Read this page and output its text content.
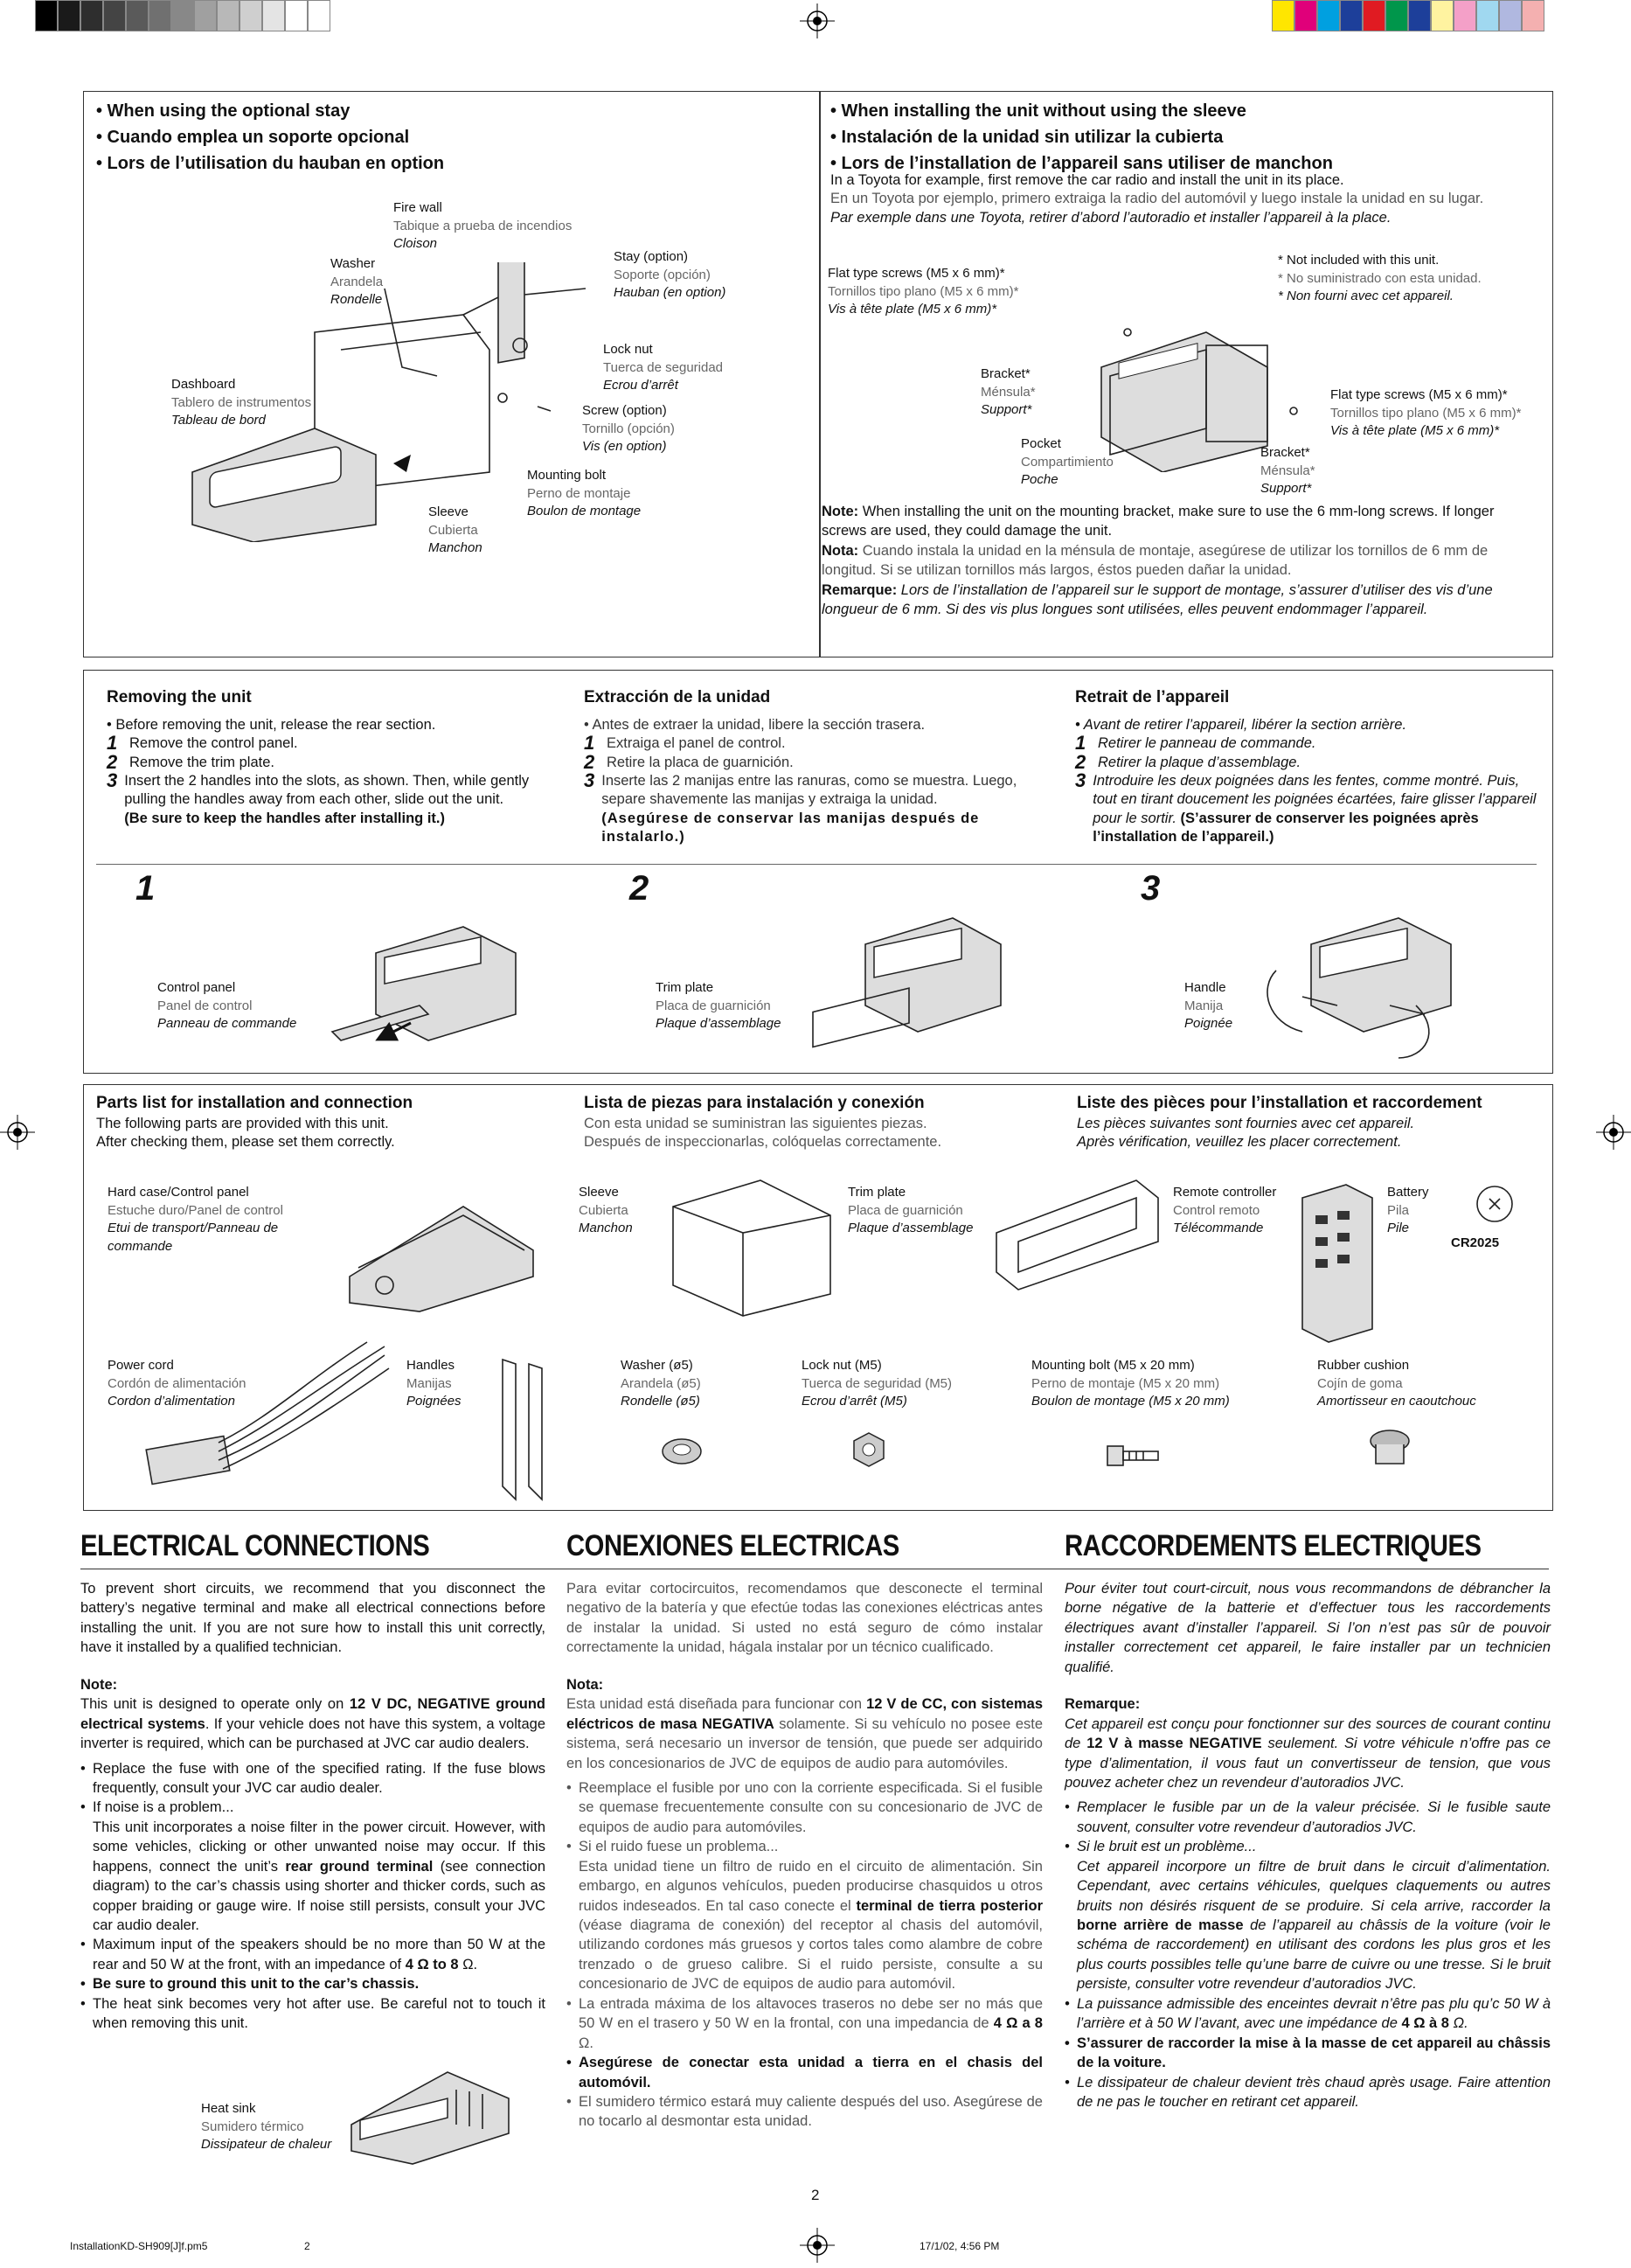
• When using the optional stay
• Cuando emplea un soporte opcional
• Lors de l’utilisation du hauban en option
Fire wall
Tabique a prueba de incendios
Cloison
Washer
Arandela
Rondelle
Stay (option)
Soporte (opción)
Hauban (en option)
Lock nut
Tuerca de seguridad
Ecrou d’arrêt
Dashboard
Tablero de instrumentos
Tableau de bord
Screw (option)
Tornillo (opción)
Vis (en option)
Mounting bolt
Perno de montaje
Boulon de montage
Sleeve
Cubierta
Manchon
• When installing the unit without using the sleeve
• Instalación de la unidad sin utilizar la cubierta
• Lors de l’installation de l’appareil sans utiliser de manchon
In a Toyota for example, first remove the car radio and install the unit in its place.
En un Toyota por ejemplo, primero extraiga la radio del automóvil y luego instale la unidad en su lugar.
Par exemple dans une Toyota, retirer d’abord l’autoradio et installer l’appareil à la place.
* Not included with this unit.
* No suministrado con esta unidad.
* Non fourni avec cet appareil.
Flat type screws (M5 x 6 mm)*
Tornillos tipo plano (M5 x 6 mm)*
Vis à tête plate (M5 x 6 mm)*
Bracket*
Ménsula*
Support*
Flat type screws (M5 x 6 mm)*
Tornillos tipo plano (M5 x 6 mm)*
Vis à tête plate (M5 x 6 mm)*
Pocket
Compartimiento
Poche
Bracket*
Ménsula*
Support*
Note: When installing the unit on the mounting bracket, make sure to use the 6 mm-long screws. If longer screws are used, they could damage the unit.
Nota: Cuando instala la unidad en la ménsula de montaje, asegúrese de utilizar los tornillos de 6 mm de longitud. Si se utilizan tornillos más largos, éstos pueden dañar la unidad.
Remarque: Lors de l’installation de l’appareil sur le support de montage, s’assurer d’utiliser des vis d’une longueur de 6 mm. Si des vis plus longues sont utilisées, elles peuvent endommager l’appareil.
Removing the unit
• Before removing the unit, release the rear section.
1 Remove the control panel.
2 Remove the trim plate.
3 Insert the 2 handles into the slots, as shown. Then, while gently pulling the handles away from each other, slide out the unit.
(Be sure to keep the handles after installing it.)
Extracción de la unidad
• Antes de extraer la unidad, libere la sección trasera.
1 Extraiga el panel de control.
2 Retire la placa de guarnición.
3 Inserte las 2 manijas entre las ranuras, como se muestra. Luego, separe shavemente las manijas y extraiga la unidad.
(Asegúrese de conservar las manijas después de instalarlo.)
Retrait de l’appareil
• Avant de retirer l’appareil, libérer la section arrière.
1 Retirer le panneau de commande.
2 Retirer la plaque d’assemblage.
3 Introduire les deux poignées dans les fentes, comme montré. Puis, tout en tirant doucement les poignées écartées, faire glisser l’appareil pour le sortir. (S’assurer de conserver les poignées après l’installation de l’appareil.)
1	2	3
Control panel
Panel de control
Panneau de commande
Trim plate
Placa de guarnición
Plaque d’assemblage
Handle
Manija
Poignée
Parts list for installation and connection
The following parts are provided with this unit.
After checking them, please set them correctly.
Lista de piezas para instalación y conexión
Con esta unidad se suministran las siguientes piezas.
Después de inspeccionarlas, colóquelas correctamente.
Liste des pièces pour l’installation et raccordement
Les pièces suivantes sont fournies avec cet appareil.
Après vérification, veuillez les placer correctement.
Hard case/Control panel
Estuche duro/Panel de control
Etui de transport/Panneau de commande
Sleeve
Cubierta
Manchon
Trim plate
Placa de guarnición
Plaque d’assemblage
Remote controller
Control remoto
Télécommande
Battery
Pila
Pile
CR2025
Power cord
Cordón de alimentación
Cordon d’alimentation
Handles
Manijas
Poignées
Washer (ø5)
Arandela (ø5)
Rondelle (ø5)
Lock nut (M5)
Tuerca de seguridad (M5)
Ecrou d’arrêt (M5)
Mounting bolt (M5 x 20 mm)
Perno de montaje (M5 x 20 mm)
Boulon de montage (M5 x 20 mm)
Rubber cushion
Cojín de goma
Amortisseur en caoutchouc
ELECTRICAL CONNECTIONS	CONEXIONES ELECTRICAS	RACCORDEMENTS ELECTRIQUES
To prevent short circuits, we recommend that you disconnect the battery’s negative terminal and make all electrical connections before installing the unit. If you are not sure how to install this unit correctly, have it installed by a qualified technician.
Note:
This unit is designed to operate only on 12 V DC, NEGATIVE ground electrical systems. If your vehicle does not have this system, a voltage inverter is required, which can be purchased at JVC car audio dealers.
• Replace the fuse with one of the specified rating. If the fuse blows frequently, consult your JVC car audio dealer.
• If noise is a problem...
This unit incorporates a noise filter in the power circuit. However, with some vehicles, clicking or other unwanted noise may occur. If this happens, connect the unit’s rear ground terminal (see connection diagram) to the car’s chassis using shorter and thicker cords, such as copper braiding or gauge wire. If noise still persists, consult your JVC car audio dealer.
• Maximum input of the speakers should be no more than 50 W at the rear and 50 W at the front, with an impedance of 4 Ω to 8 Ω.
• Be sure to ground this unit to the car’s chassis.
• The heat sink becomes very hot after use. Be careful not to touch it when removing this unit.
Heat sink
Sumidero térmico
Dissipateur de chaleur
Para evitar cortocircuitos, recomendamos que desconecte el terminal negativo de la batería y que efectúe todas las conexiones eléctricas antes de instalar la unidad. Si usted no está seguro de cómo instalar correctamente la unidad, hágala instalar por un técnico cualificado.
Nota:
Esta unidad está diseñada para funcionar con 12 V de CC, con sistemas eléctricos de masa NEGATIVA solamente. Si su vehículo no posee este sistema, será necesario un inversor de tensión, que puede ser adquirido en los concesionarios de JVC de equipos de audio para automóviles.
• Reemplace el fusible por uno con la corriente especificada. Si el fusible se quemase frecuentemente consulte con su concesionario de JVC de equipos de audio para automóviles.
• Si el ruido fuese un problema...
Esta unidad tiene un filtro de ruido en el circuito de alimentación. Sin embargo, en algunos vehículos, pueden producirse chasquidos u otros ruidos indeseados. En tal caso conecte el terminal de tierra posterior (véase diagrama de conexión) del receptor al chasis del automóvil, utilizando cordones más gruesos y cortos tales como alambre de cobre trenzado o de grueso calibre. Si el ruido persiste, consulte a su concesionario de JVC de equipos de audio para automóvil.
• La entrada máxima de los altavoces traseros no debe ser no más que 50 W en el trasero y 50 W en la frontal, con una impedancia de 4 Ω a 8 Ω.
• Asegúrese de conectar esta unidad a tierra en el chasis del automóvil.
• El sumidero térmico estará muy caliente después del uso. Asegúrese de no tocarlo al desmontar esta unidad.
Pour éviter tout court-circuit, nous vous recommandons de débrancher la borne négative de la batterie et d’effectuer tous les raccordements électriques avant d’installer l’appareil. Si l’on n’est pas sûr de pouvoir installer correctement cet appareil, le faire installer par un technicien qualifié.
Remarque:
Cet appareil est conçu pour fonctionner sur des sources de courant continu de 12 V à masse NEGATIVE seulement. Si votre véhicule n’offre pas ce type d’alimentation, il vous faut un convertisseur de tension, que vous pouvez acheter chez un revendeur d’autoradios JVC.
• Remplacer le fusible par un de la valeur précisée. Si le fusible saute souvent, consulter votre revendeur d’autoradios JVC.
• Si le bruit est un problème...
Cet appareil incorpore un filtre de bruit dans le circuit d’alimentation. Cependant, avec certains véhicules, quelques claquements ou autres bruits non désirés risquent de se produire. Si cela arrive, raccorder la borne arrière de masse de l’appareil au châssis de la voiture (voir le schéma de raccordement) en utilisant des cordons les plus gros et les plus courts possibles telle qu’une barre de cuivre ou une tresse. Si le bruit persiste, consulter votre revendeur d’autoradios JVC.
• La puissance admissible des enceintes devrait n’être pas plu qu’c 50 W à l’arrière et à 50 W l’avant, avec une impédance de 4 Ω à 8 Ω.
• S’assurer de raccorder la mise à la masse de cet appareil au châssis de la voiture.
• Le dissipateur de chaleur devient très chaud après usage. Faire attention de ne pas le toucher en retirant cet appareil.
2
InstallationKD-SH909[J]f.pm5	2	17/1/02, 4:56 PM
